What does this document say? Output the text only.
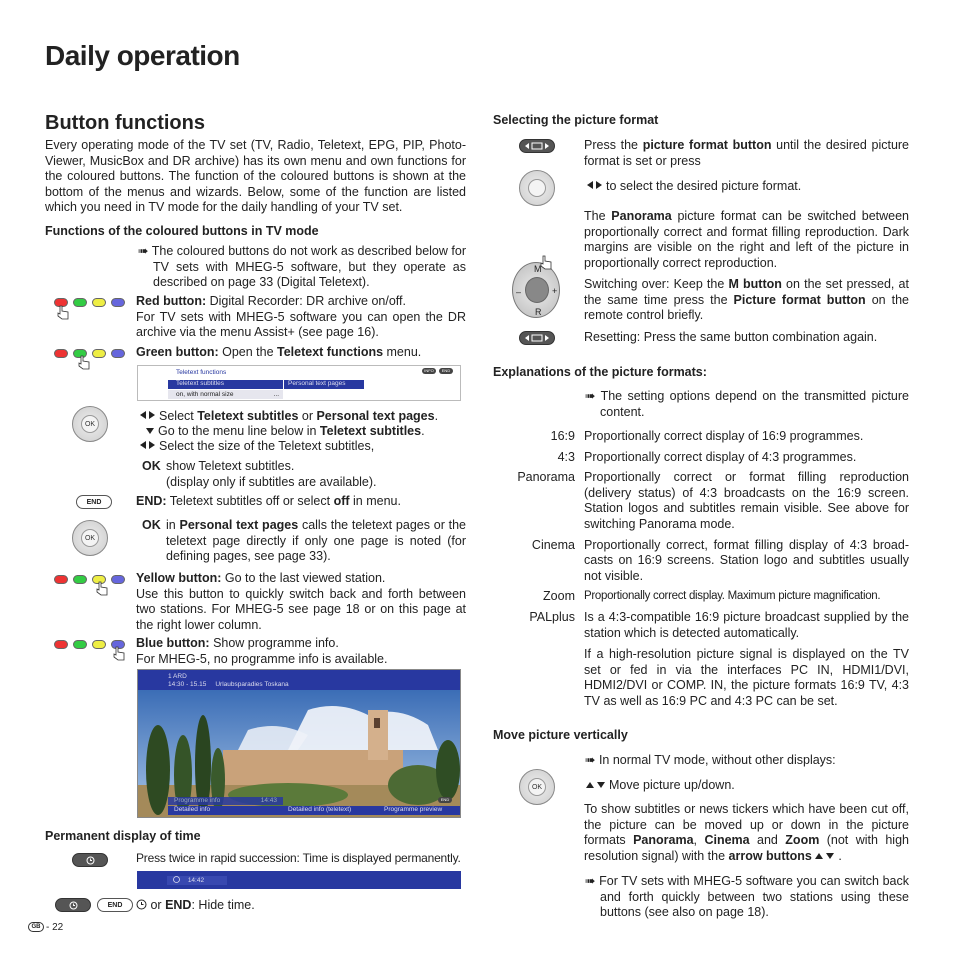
Daily operation
Button functions
Every operating mode of the TV set (TV, Radio, Teletext, EPG, PIP, Photo-Viewer, MusicBox and DR archive) has its own menu and own functions for the coloured buttons. The function of the coloured buttons is shown at the bottom of the menus and wizards. Below, some of the function are listed which you need in TV mode for the daily handling of your TV set.
Functions of the coloured buttons in TV mode
➠ The coloured buttons do not work as described below for TV sets with MHEG-5 software, but they operate as described on page 33 (Digital Teletext).
Red button: Digital Recorder: DR archive on/off.
For TV sets with MHEG-5 software you can open the DR archive via the menu Assist+ (see page 16).
Green button: Open the Teletext functions menu.
Teletext functions
Teletext subtitles	Personal text pages
on, with normal size	...
INFO	END
OK
Select Teletext subtitles or Personal text pages.
Go to the menu line below in Teletext subtitles.
Select the size of the Teletext subtitles,
OK show Teletext subtitles.
(display only if subtitles are available).
END	END: Teletext subtitles off or select off in menu.
OK
OK in Personal text pages calls the teletext pages or the teletext page directly if only one page is noted (for defining pages, see page 33).
Yellow button: Go to the last viewed station.
Use this button to quickly switch back and forth between two stations. For MHEG-5 see page 18 or on this page at the right lower column.
Blue button: Show programme info.
For MHEG-5, no programme info is available.
1 ARD
14:30 - 15.15 Urlaubsparadies Toskana
Programme info	14:43
Detailed info	Detailed info (teletext)	Programme preview
END
Permanent display of time
Press twice in rapid succession: Time is displayed permanently.
14:42
END	or END: Hide time.
GB - 22
Selecting the picture format
Press the picture format button until the desired picture format is set or press
to select the desired picture format.
The Panorama picture format can be switched between proportionally correct and format filling reproduction. Dark margins are visible on the right and left of the picture in proportionally correct reproduction.
M
R
–	+ Switching over: Keep the M button on the set pressed, at the same time press the Picture format button on the remote control briefly.
Resetting: Press the same button combination again.
Explanations of the picture formats:
➠ The setting options depend on the transmitted picture content.
16:9 Proportionally correct display of 16:9 programmes.
4:3 Proportionally correct display of 4:3 programmes.
Panorama Proportionally correct or format filling reproduction (delivery status) of 4:3 broadcasts on the 16:9 screen. Station logos and subtitles remain visible. See above for switching Panorama mode.
Cinema Proportionally correct, format filling display of 4:3 broad-casts on 16:9 screens. Station logo and subtitles usually not visible.
Zoom Proportionally correct display. Maximum picture magnification.
PALplus Is a 4:3-compatible 16:9 picture broadcast supplied by the station which is detected automatically.
If a high-resolution picture signal is displayed on the TV set or fed in via the interfaces PC IN, HDMI1/DVI, HDMI2/DVI or COMP. IN, the picture formats 16:9 TV, 4:3 TV as well as 16:9 PC and 4:3 PC can be set.
Move picture vertically
➠ In normal TV mode, without other displays:
OK	Move picture up/down.
To show subtitles or news tickers which have been cut off, the picture can be moved up or down in the picture formats Panorama, Cinema and Zoom (not with high resolution signal) with the arrow buttons .
➠ For TV sets with MHEG-5 software you can switch back and forth quickly between two stations using these buttons (see also on page 18).
